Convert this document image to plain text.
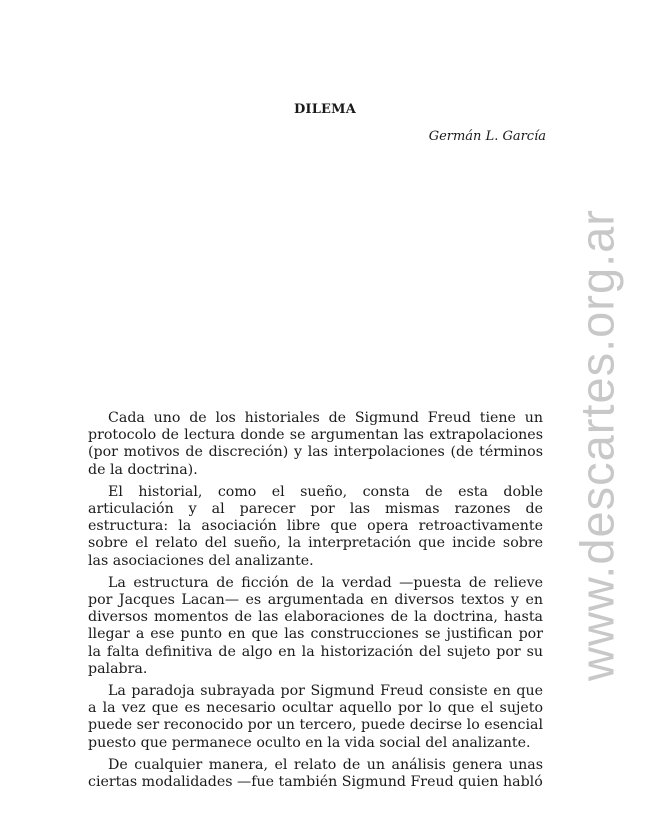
DILEMA

Germán L. García

Cada uno de los historiales de Sigmund Freud tiene un protocolo de lectura donde se argumentan las extrapolaciones (por motivos de discreción) y las interpolaciones (de términos de la doctrina).

El historial, como el sueño, consta de esta doble articulación y al parecer por las mismas razones de estructura: la asociación libre que opera retroactivamente sobre el relato del sueño, la interpretación que incide sobre las asociaciones del analizante.

La estructura de ficción de la verdad —puesta de relieve por Jacques Lacan— es argumentada en diversos textos y en diversos momentos de las elaboraciones de la doctrina, hasta llegar a ese punto en que las construcciones se justifican por la falta definitiva de algo en la historización del sujeto por su palabra.

La paradoja subrayada por Sigmund Freud consiste en que a la vez que es necesario ocultar aquello por lo que el sujeto puede ser reconocido por un tercero, puede decirse lo esencial puesto que permanece oculto en la vida social del analizante.

De cualquier manera, el relato de un análisis genera unas ciertas modalidades —fue también Sigmund Freud quien habló

www.descartes.org.ar
